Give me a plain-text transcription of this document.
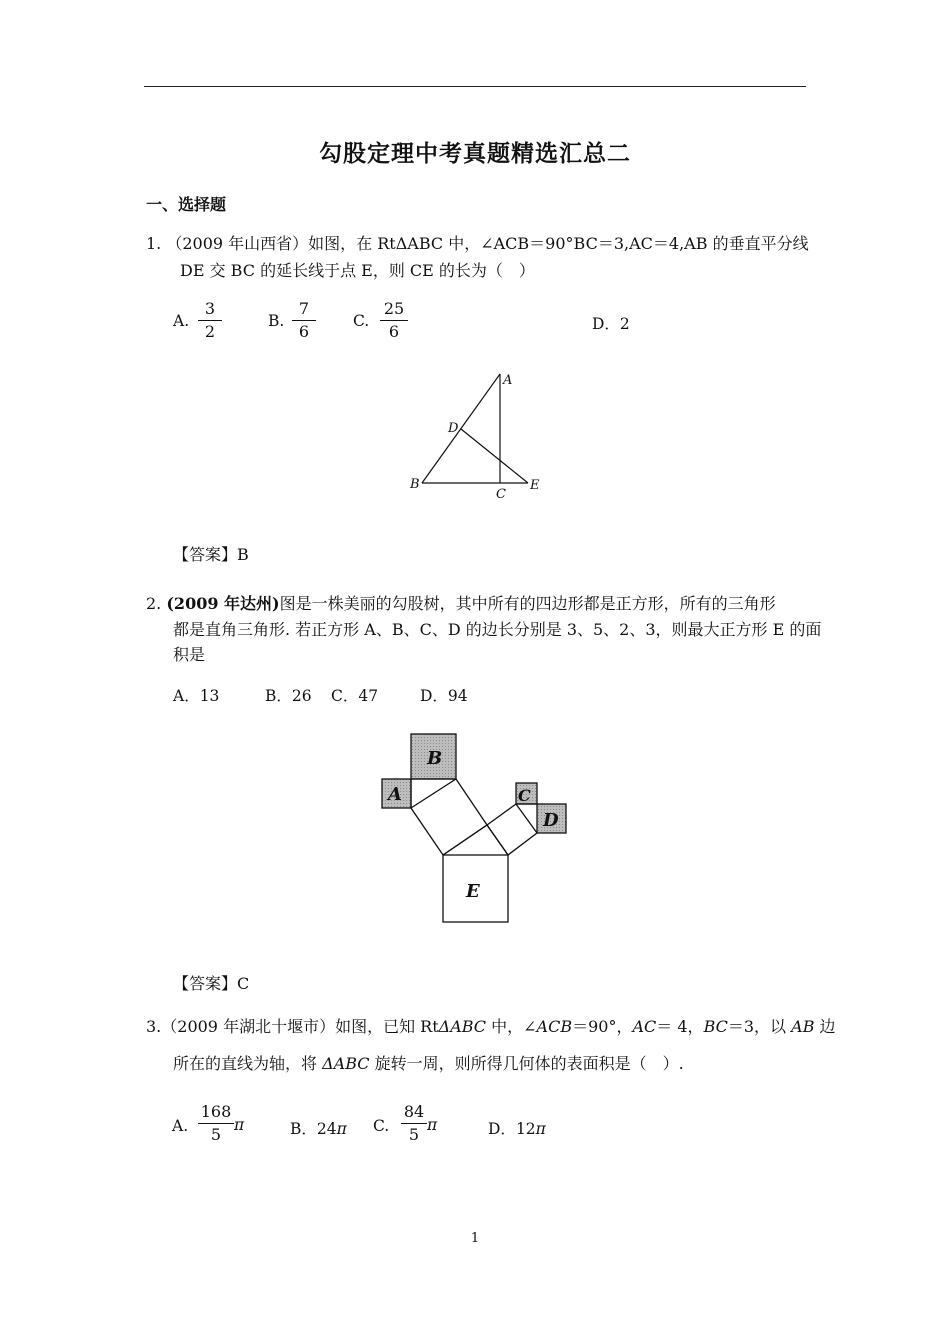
勾股定理中考真题精选汇总二
一、选择题
1. （2009 年山西省）如图，在 RtΔABC 中，∠ACB＝90°BC＝3,AC＝4,AB 的垂直平分线
DE 交 BC 的延长线于点 E，则 CE 的长为（　）
A. $\frac{3}{2}$	B. $\frac{7}{6} C$. $\frac{25}{6}$	D．2
A
D
B
C
E
【答案】B
2. (2009 年达州)图是一株美丽的勾股树，其中所有的四边形都是正方形，所有的三角形
都是直角三角形. 若正方形 A、B、C、D 的边长分别是 3、5、2、3，则最大正方形 E 的面
积是
A．13	B．26 C．47	D．94
B
A	C
D
E
【答案】C
3.（2009 年湖北十堰市）如图，已知 RtΔABC 中，∠ACB＝90°，AC＝ 4，BC＝3，以 AB 边
所在的直线为轴，将 ΔABC 旋转一周，则所得几何体的表面积是（　）.
A. $\frac{168}{5}$ π	B．24π C. $\frac{84}{5}$ π	D．12π
1
